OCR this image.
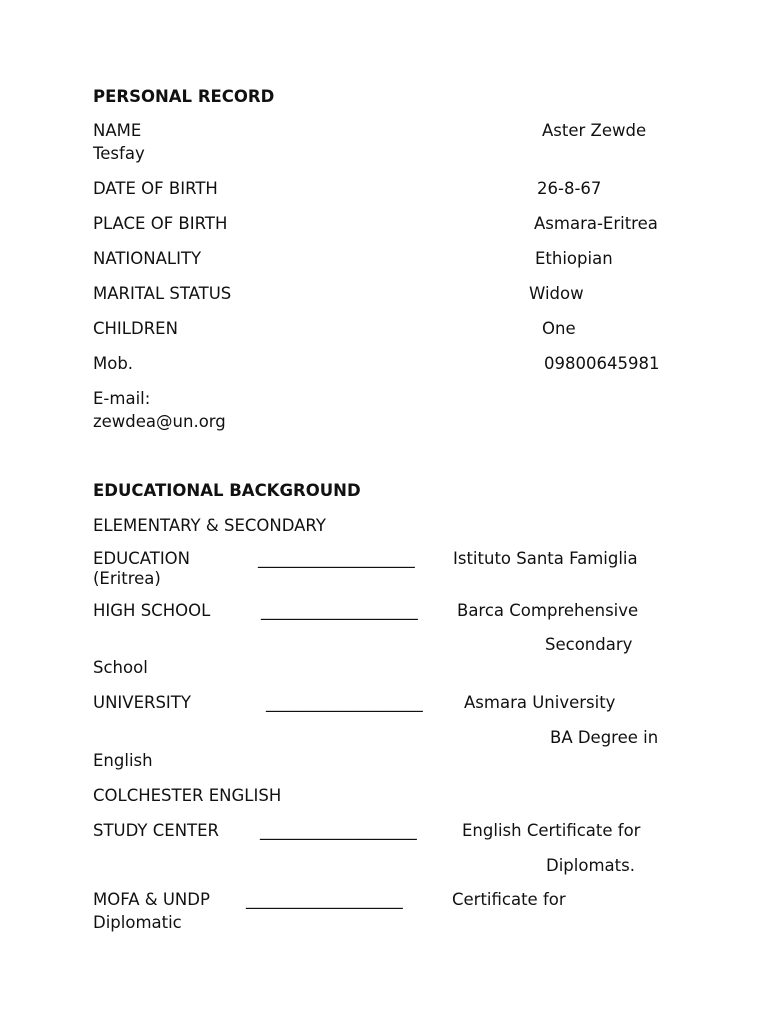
PERSONAL RECORD
NAME	Aster Zewde
Tesfay
DATE OF BIRTH	26-8-67
PLACE OF BIRTH	Asmara-Eritrea
NATIONALITY	Ethiopian
MARITAL STATUS	Widow
CHILDREN	One
Mob.	09800645981
E-mail:
zewdea@un.org
EDUCATIONAL BACKGROUND
ELEMENTARY & SECONDARY
EDUCATION	___________________ Istituto Santa Famiglia
(Eritrea)
HIGH SCHOOL	___________________ Barca Comprehensive
Secondary
School
UNIVERSITY	___________________	Asmara University
BA Degree in
English
COLCHESTER ENGLISH
STUDY CENTER ___________________	English Certificate for
Diplomats.
MOFA & UNDP ___________________	Certificate for
Diplomatic
